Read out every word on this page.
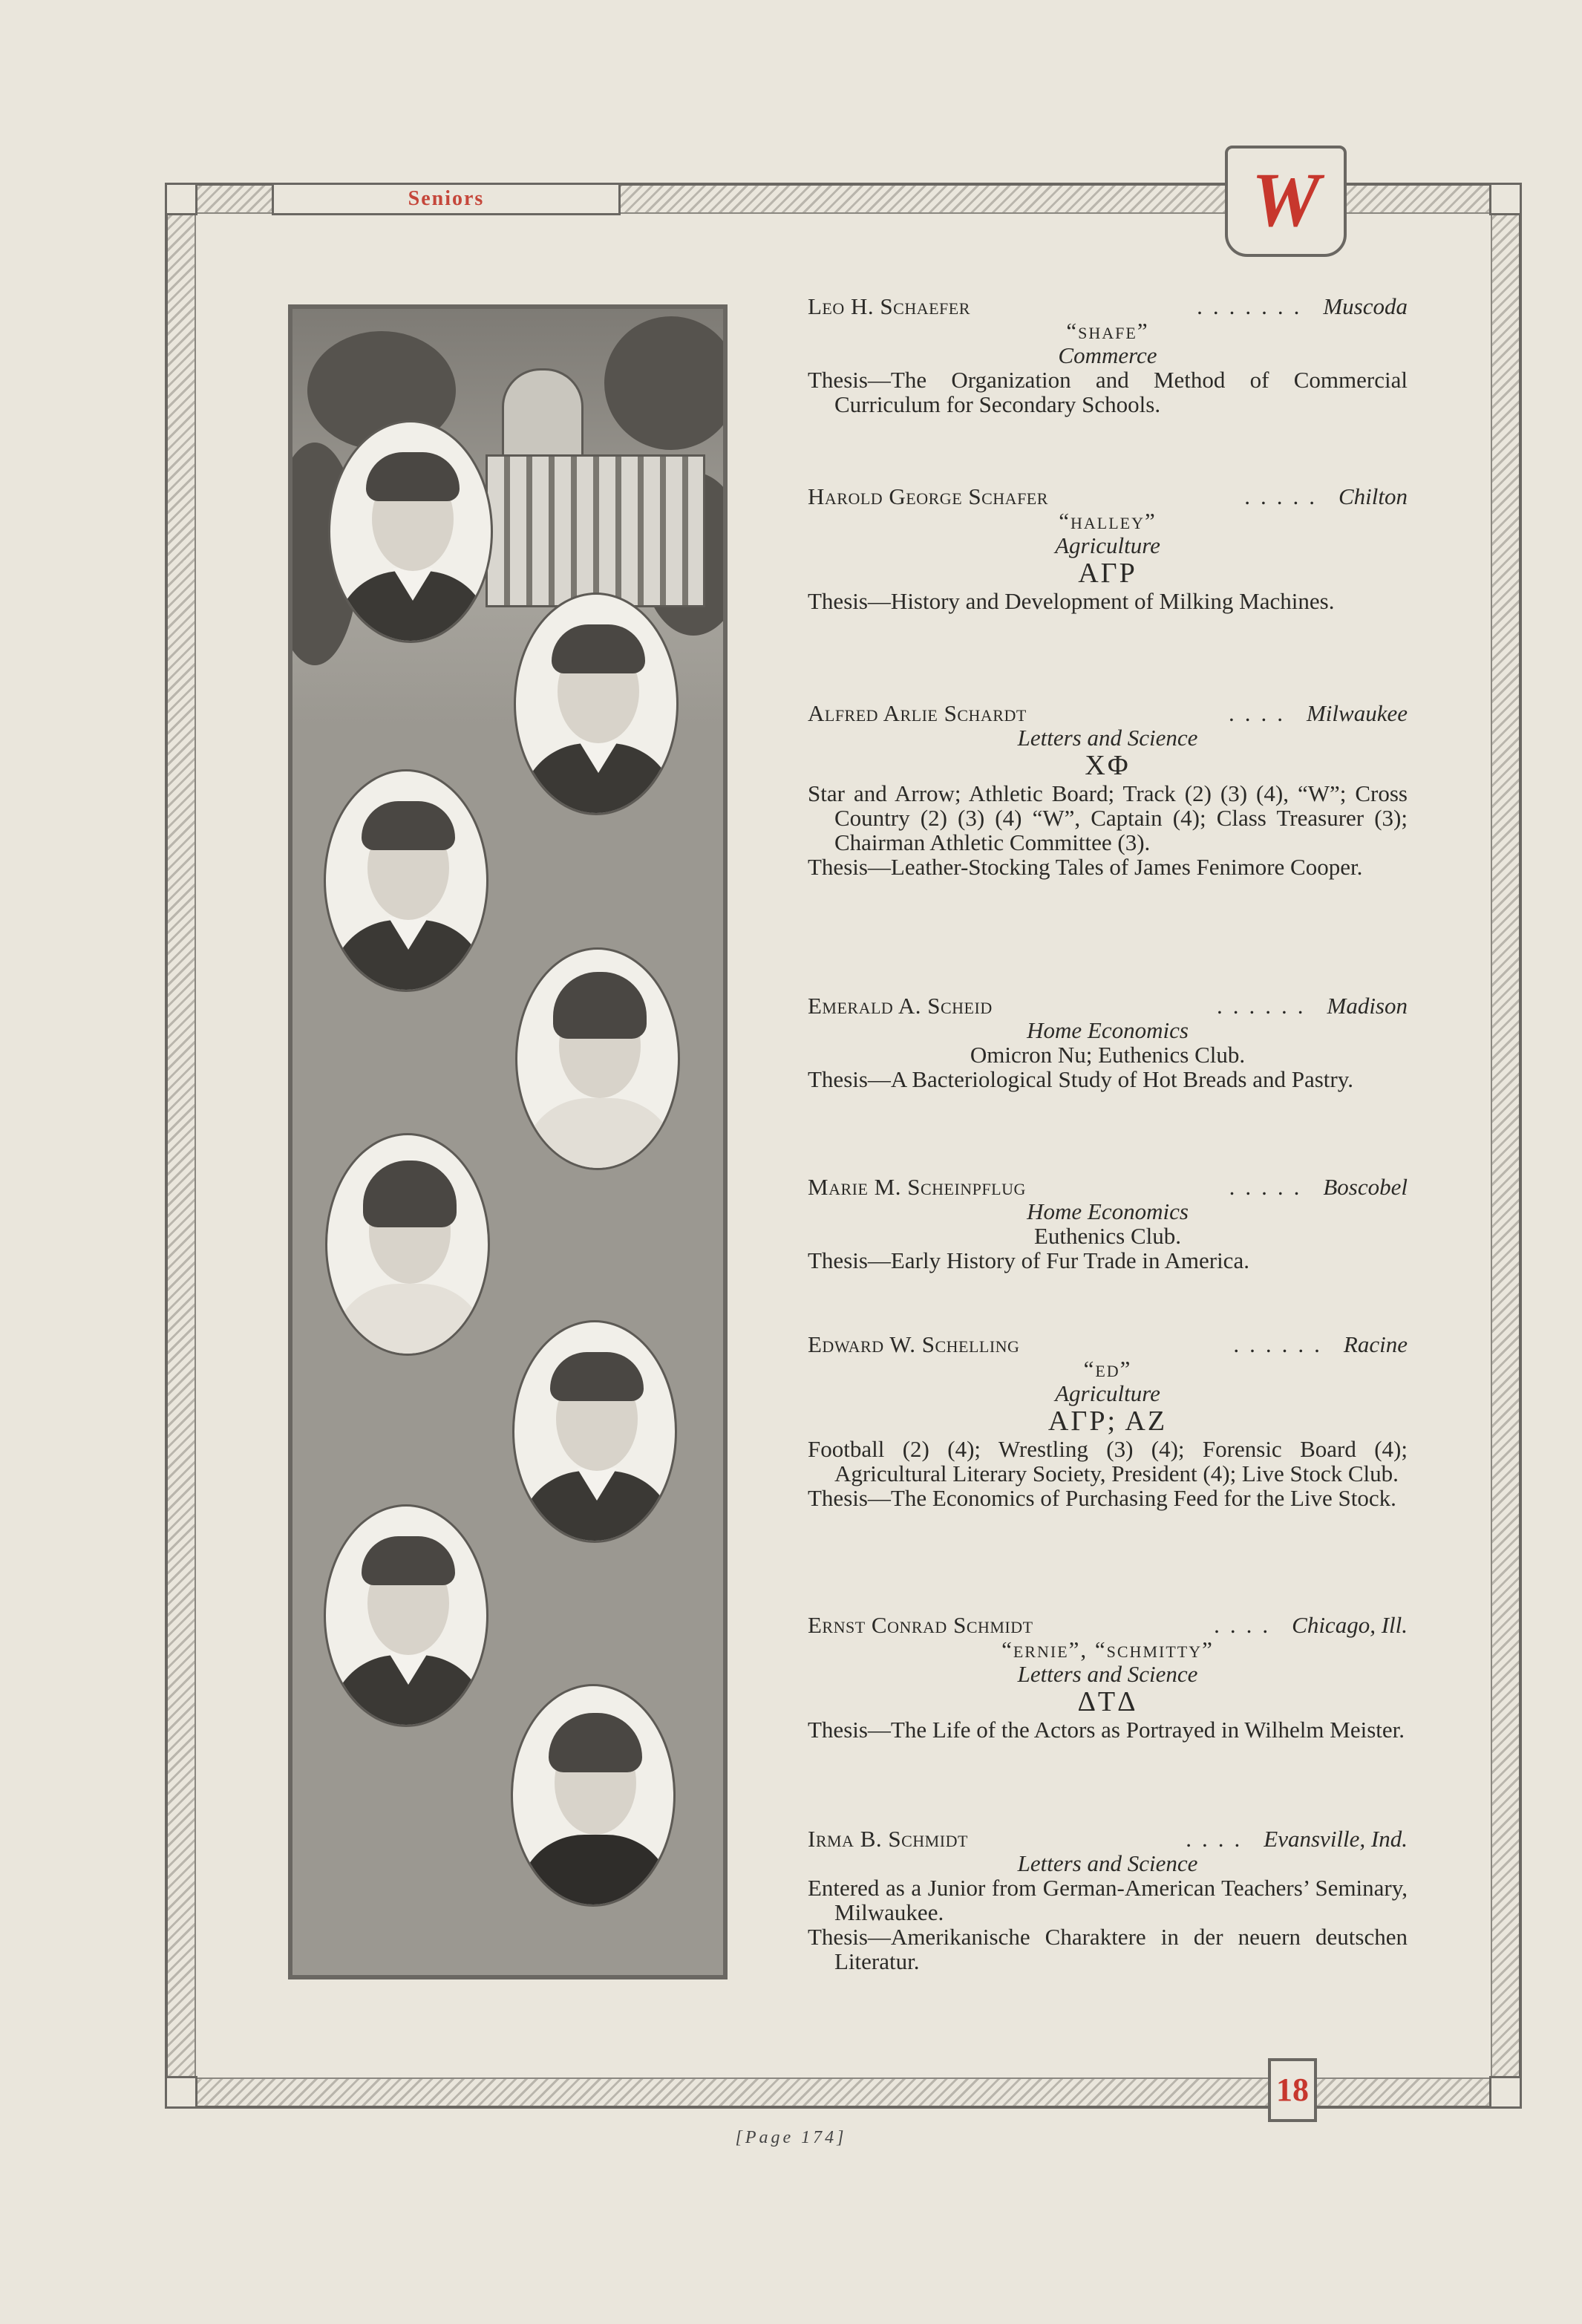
Seniors	W
18
[Page 174]
Leo H. Schaefer	....... Muscoda
“shafe”
Commerce
Thesis—The Organization and Method of Commercial Curriculum for Secondary Schools.
Harold George Schafer	..... Chilton
“halley”
Agriculture
AΓP
Thesis—History and Development of Milking Machines.
Alfred Arlie Schardt	.... Milwaukee
Letters and Science
XΦ
Star and Arrow; Athletic Board; Track (2) (3) (4), “W”; Cross Country (2) (3) (4) “W”, Captain (4); Class Treasurer (3); Chairman Athletic Committee (3).
Thesis—Leather-Stocking Tales of James Fenimore Cooper.
Emerald A. Scheid	...... Madison
Home Economics
Omicron Nu; Euthenics Club.
Thesis—A Bacteriological Study of Hot Breads and Pastry.
Marie M. Scheinpflug	..... Boscobel
Home Economics
Euthenics Club.
Thesis—Early History of Fur Trade in America.
Edward W. Schelling	...... Racine
“ed”
Agriculture
AΓP; AZ
Football (2) (4); Wrestling (3) (4); Forensic Board (4); Agricultural Literary Society, President (4); Live Stock Club.
Thesis—The Economics of Purchasing Feed for the Live Stock.
Ernst Conrad Schmidt	.... Chicago, Ill.
“ernie”, “schmitty”
Letters and Science
ΔTΔ
Thesis—The Life of the Actors as Portrayed in Wilhelm Meister.
Irma B. Schmidt	.... Evansville, Ind.
Letters and Science
Entered as a Junior from German-American Teachers’ Seminary, Milwaukee.
Thesis—Amerikanische Charaktere in der neuern deutschen Literatur.
